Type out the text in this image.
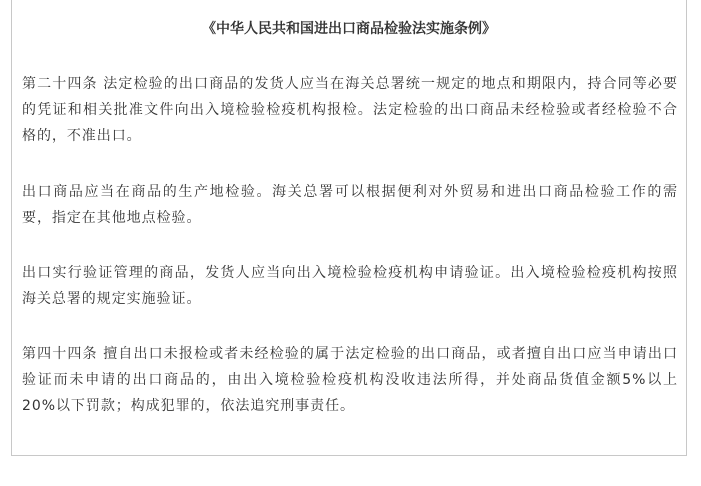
《中华人民共和国进出口商品检验法实施条例》

第二十四条 法定检验的出口商品的发货人应当在海关总署统一规定的地点和期限内，持合同等必要的凭证和相关批准文件向出入境检验检疫机构报检。法定检验的出口商品未经检验或者经检验不合格的，不准出口。

出口商品应当在商品的生产地检验。海关总署可以根据便利对外贸易和进出口商品检验工作的需要，指定在其他地点检验。

出口实行验证管理的商品，发货人应当向出入境检验检疫机构申请验证。出入境检验检疫机构按照海关总署的规定实施验证。

第四十四条 擅自出口未报检或者未经检验的属于法定检验的出口商品，或者擅自出口应当申请出口验证而未申请的出口商品的，由出入境检验检疫机构没收违法所得，并处商品货值金额5%以上20%以下罚款；构成犯罪的，依法追究刑事责任。
